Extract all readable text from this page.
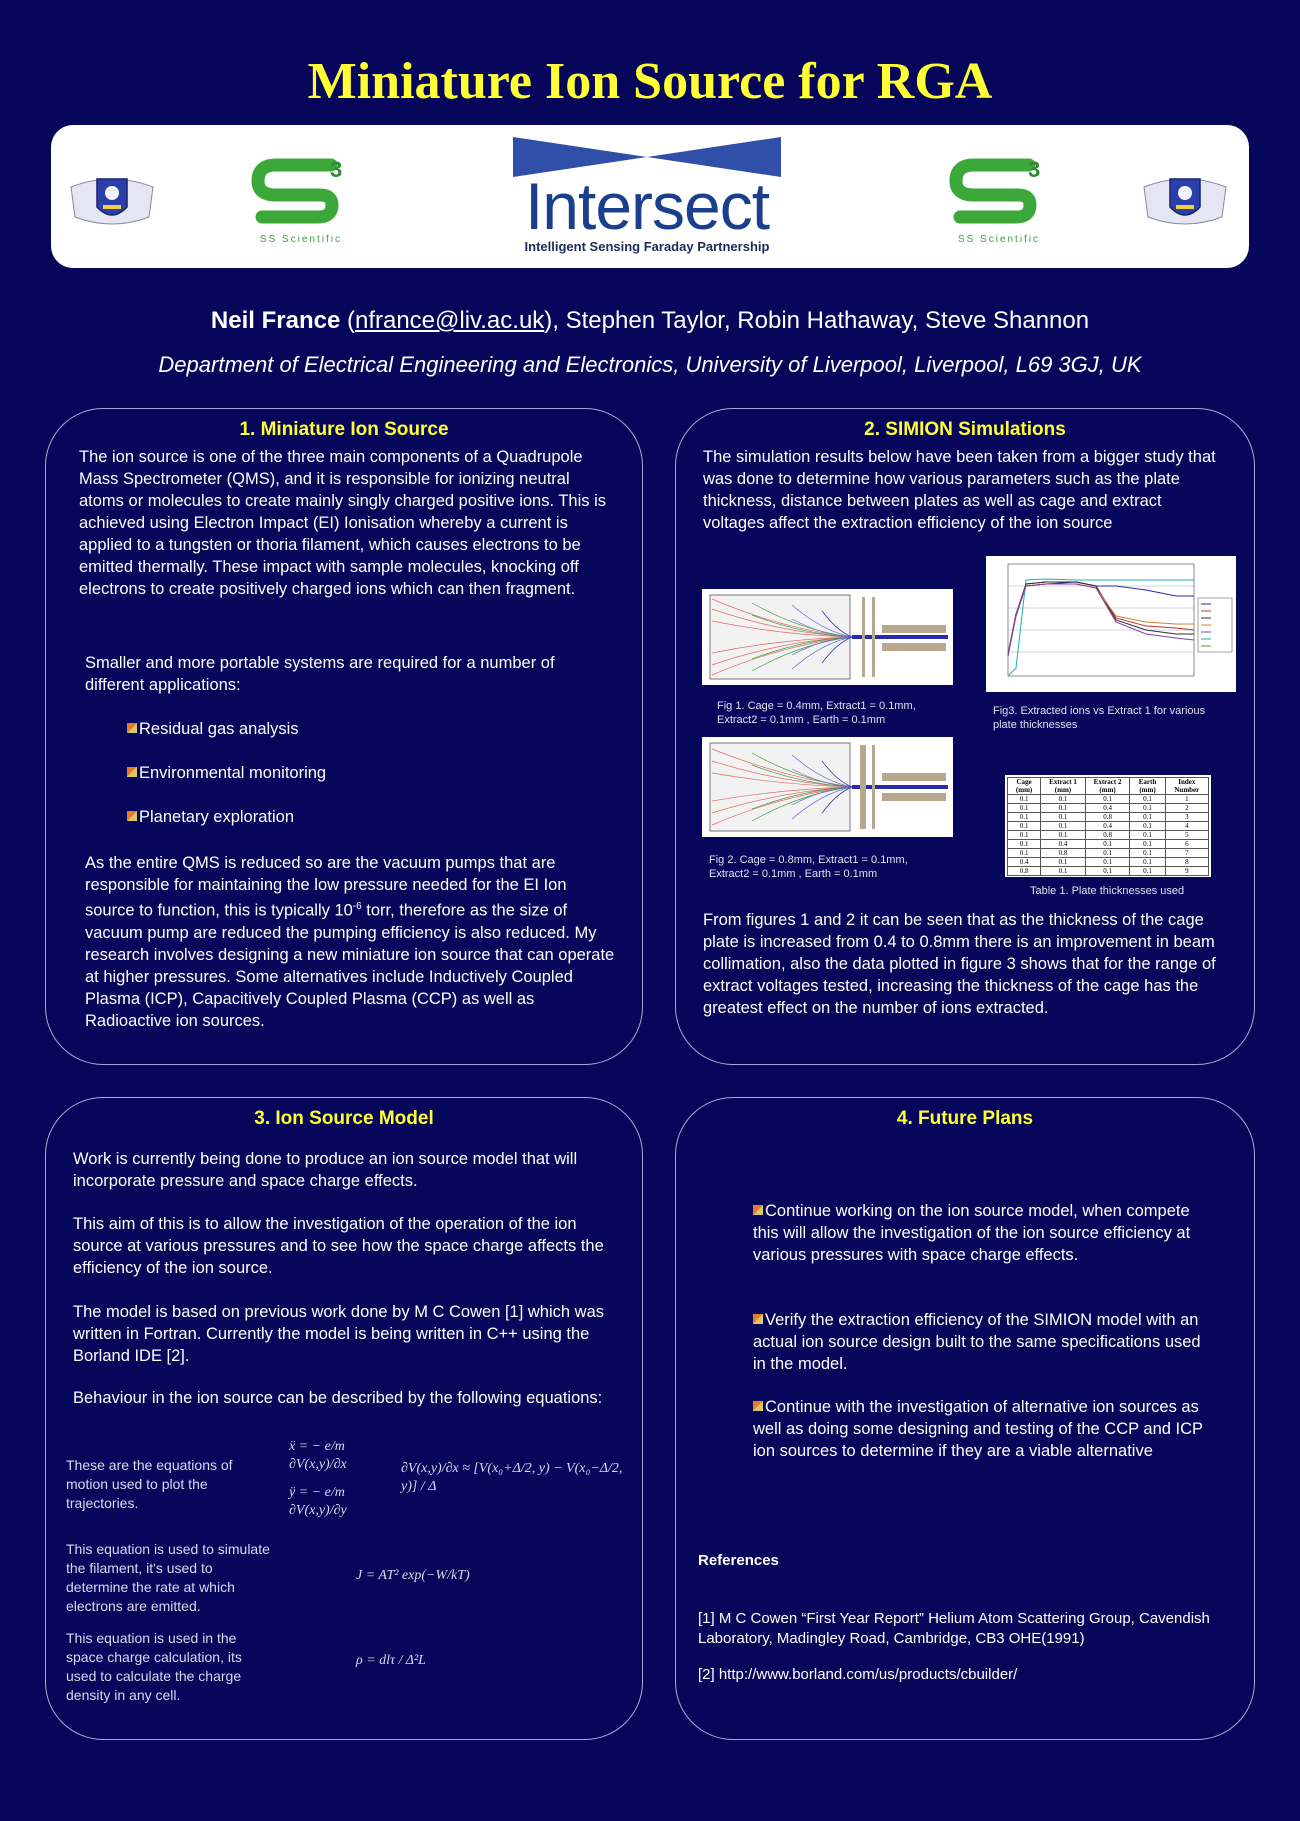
Miniature Ion Source for RGA
3
SS Scientific	Intersect
Intelligent Sensing Faraday Partnership
3
SS Scientific
Neil France (nfrance@liv.ac.uk), Stephen Taylor, Robin Hathaway, Steve Shannon
Department of Electrical Engineering and Electronics, University of Liverpool, Liverpool, L69 3GJ, UK
1. Miniature Ion Source

The ion source is one of the three main components of a Quadrupole Mass Spectrometer (QMS), and it is responsible for ionizing neutral atoms or molecules to create mainly singly charged positive ions. This is achieved using Electron Impact (EI) Ionisation whereby a current is applied to a tungsten or thoria filament, which causes electrons to be emitted thermally. These impact with sample molecules, knocking off electrons to create positively charged ions which can then fragment.

Smaller and more portable systems are required for a number of different applications:

Residual gas analysis
Environmental monitoring
Planetary exploration

As the entire QMS is reduced so are the vacuum pumps that are responsible for maintaining the low pressure needed for the EI Ion source to function, this is typically $10^{-6}$ torr, therefore as the size of vacuum pump are reduced the pumping efficiency is also reduced. My research involves designing a new miniature ion source that can operate at higher pressures. Some alternatives include Inductively Coupled Plasma (ICP), Capacitively Coupled Plasma (CCP) as well as Radioactive ion sources.

2. SIMION Simulations

The simulation results below have been taken from a bigger study that was done to determine how various parameters such as the plate thickness, distance between plates as well as cage and extract voltages affect the extraction efficiency of the ion source

Fig 1. Cage = 0.4mm, Extract1 = 0.1mm, Extract2 = 0.1mm , Earth = 0.1mm
Fig 2. Cage = 0.8mm, Extract1 = 0.1mm, Extract2 = 0.1mm , Earth = 0.1mm
Fig3. Extracted ions vs Extract 1 for various plate thicknesses
Cage (mm)	Extract 1 (mm)	Extract 2 (mm)	Earth (mm)	Index Number
0.1	0.1	0.1	0.1	1
0.1	0.1	0.4	0.1	2
0.1	0.1	0.8	0.1	3
0.1	0.1	0.4	0.1	4
0.1	0.1	0.8	0.1	5
0.1	0.4	0.1	0.1	6
0.1	0.8	0.1	0.1	7
0.4	0.1	0.1	0.1	8
0.8	0.1	0.1	0.1	9
Table 1. Plate thicknesses used

From figures 1 and 2 it can be seen that as the thickness of the cage plate is increased from 0.4 to 0.8mm there is an improvement in beam collimation, also the data plotted in figure 3 shows that for the range of extract voltages tested, increasing the thickness of the cage has the greatest effect on the number of ions extracted.

3. Ion Source Model

Work is currently being done to produce an ion source model that will incorporate pressure and space charge effects.

This aim of this is to allow the investigation of the operation of the ion source at various pressures and to see how the space charge affects the efficiency of the ion source.

The model is based on previous work done by M C Cowen [1] which was written in Fortran. Currently the model is being written in C++ using the Borland IDE [2].

Behaviour in the ion source can be described by the following equations:

These are the equations of motion used to plot the trajectories.
ẍ = − e/m ∂V(x,y)/∂x
ÿ = − e/m ∂V(x,y)/∂y
∂V(x,y)/∂x ≈ [V(x₀+Δ/2, y) − V(x₀−Δ/2, y)] / Δ
This equation is used to simulate the filament, it's used to determine the rate at which electrons are emitted.
J = AT² exp(−W/kT)
This equation is used in the space charge calculation, its used to calculate the charge density in any cell.
ρ = dlτ / Δ²L
4. Future Plans
Continue working on the ion source model, when compete this will allow the investigation of the ion source efficiency at various pressures with space charge effects.
Verify the extraction efficiency of the SIMION model with an actual ion source design built to the same specifications used in the model.
Continue with the investigation of alternative ion sources as well as doing some designing and testing of the CCP and ICP ion sources to determine if they are a viable alternative
References
[1] M C Cowen “First Year Report” Helium Atom Scattering Group, Cavendish Laboratory, Madingley Road, Cambridge, CB3 OHE(1991)
[2] http://www.borland.com/us/products/cbuilder/
